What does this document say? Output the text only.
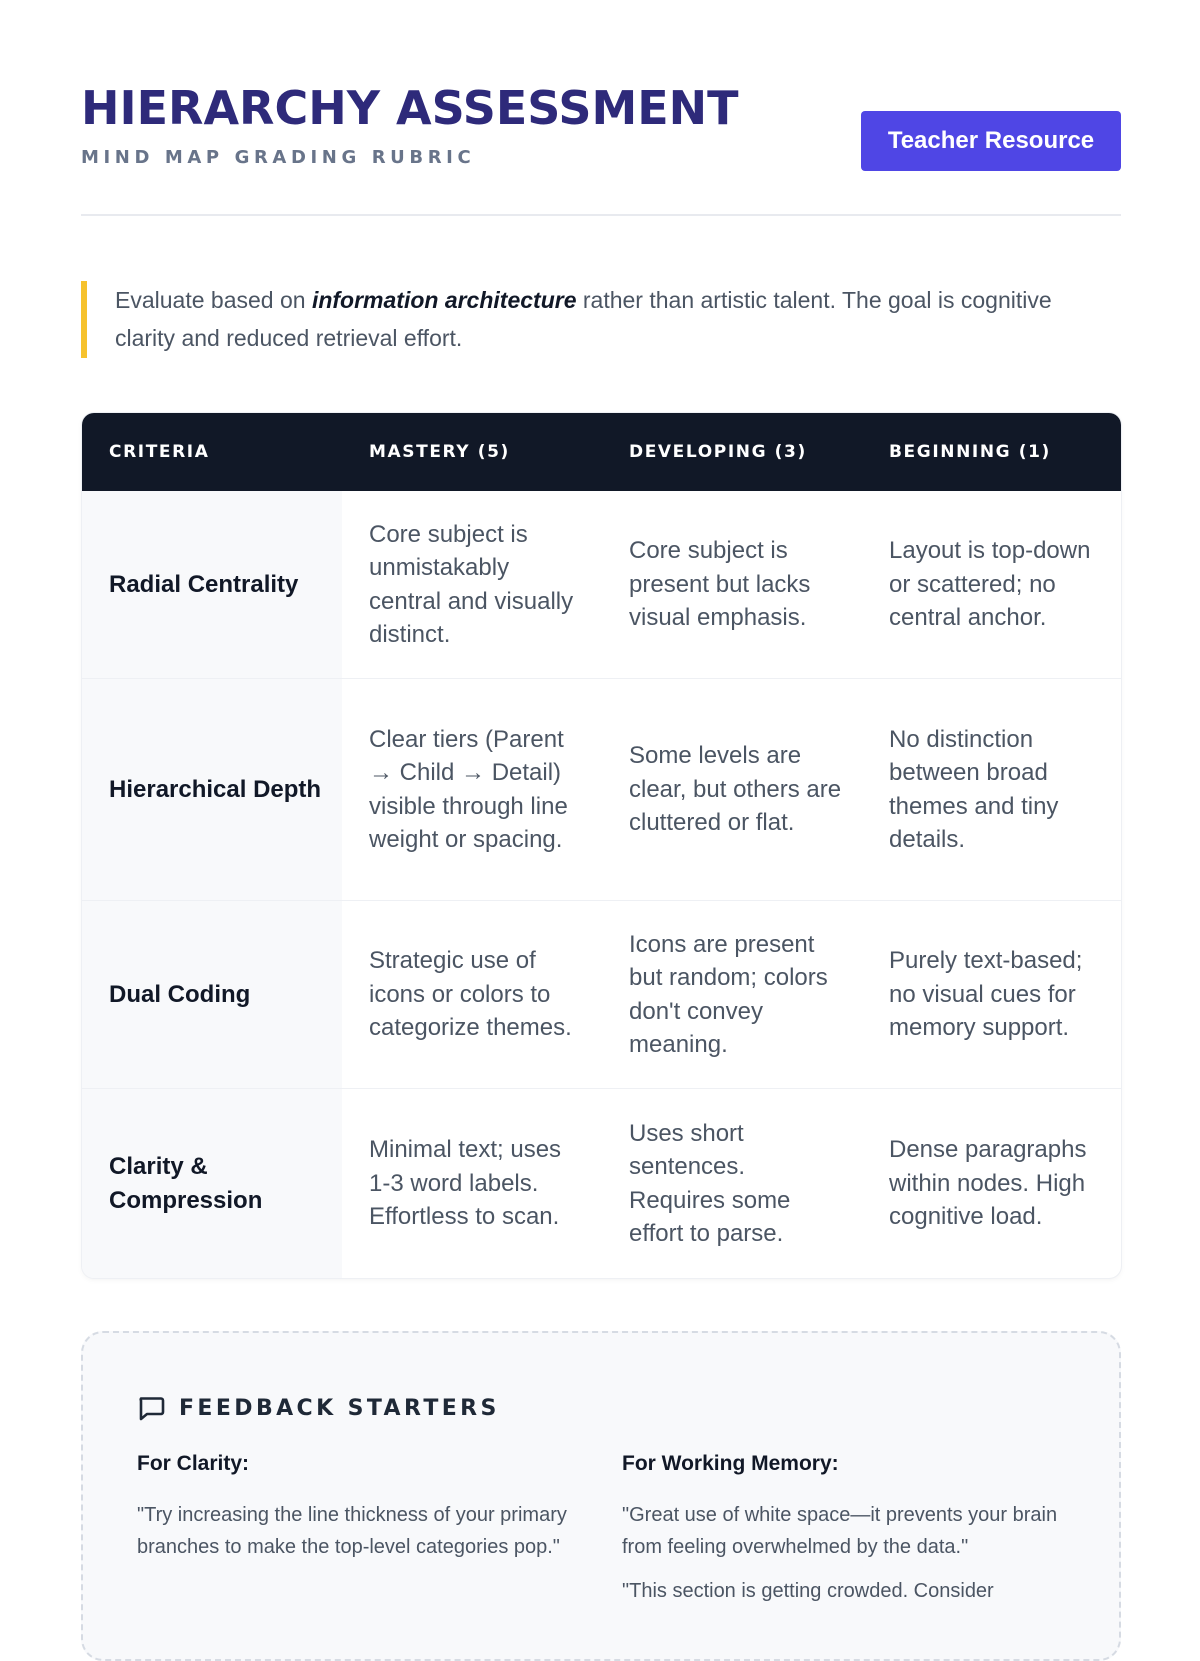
HIERARCHY ASSESSMENT
MIND MAP GRADING RUBRIC
Teacher Resource
Evaluate based on information architecture rather than artistic talent. The goal is cognitive
clarity and reduced retrieval effort.
CRITERIA	MASTERY (5)	DEVELOPING (3)	BEGINNING (1)
Radial Centrality	Core subject is unmistakably central and visually distinct.	Core subject is present but lacks visual emphasis.	Layout is top-down or scattered; no central anchor.
Hierarchical Depth	Clear tiers (Parent → Child → Detail) visible through line weight or spacing.	Some levels are clear, but others are cluttered or flat.	No distinction between broad themes and tiny details.
Dual Coding	Strategic use of icons or colors to categorize themes.	Icons are present but random; colors don't convey meaning.	Purely text-based; no visual cues for memory support.
Clarity & Compression	Minimal text; uses 1-3 word labels. Effortless to scan.	Uses short sentences. Requires some effort to parse.	Dense paragraphs within nodes. High cognitive load.
FEEDBACK STARTERS
For Clarity:

"Try increasing the line thickness of your primary branches to make the top-level categories pop."

For Working Memory:

"Great use of white space—it prevents your brain from feeling overwhelmed by the data."

"This section is getting crowded. Consider
